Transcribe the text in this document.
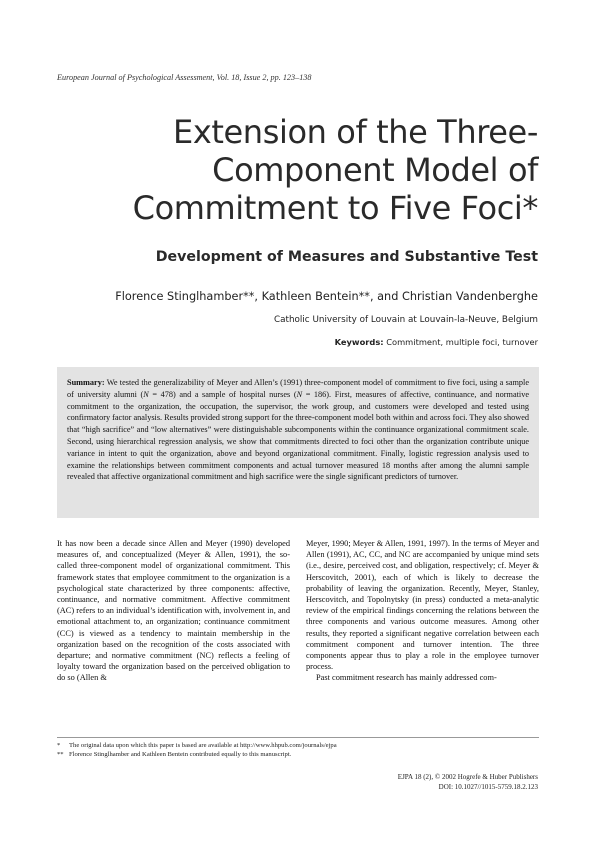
European Journal of Psychological Assessment, Vol. 18, Issue 2, pp. 123–138
Extension of the Three-
Component Model of
Commitment to Five Foci*
Development of Measures and Substantive Test
Florence Stinglhamber**, Kathleen Bentein**, and Christian Vandenberghe
Catholic University of Louvain at Louvain-la-Neuve, Belgium
Keywords: Commitment, multiple foci, turnover
Summary: We tested the generalizability of Meyer and Allen’s (1991) three-component model of commitment to five foci, using a sample of university alumni (N = 478) and a sample of hospital nurses (N = 186). First, measures of affective, continuance, and normative commitment to the organization, the occupation, the supervisor, the work group, and customers were developed and tested using confirmatory factor analysis. Results provided strong support for the three-component model both within and across foci. They also showed that “high sacrifice” and “low alternatives” were distinguishable subcomponents within the continuance organizational commitment scale. Second, using hierarchical regression analysis, we show that commitments directed to foci other than the organization contribute unique variance in intent to quit the organization, above and beyond organizational commitment. Finally, logistic regression analysis used to examine the relationships between commitment components and actual turnover measured 18 months after among the alumni sample revealed that affective organizational commitment and high sacrifice were the single significant predictors of turnover.

It has now been a decade since Allen and Meyer (1990) developed measures of, and conceptualized (Meyer & Allen, 1991), the so-called three-component model of organizational commitment. This framework states that employee commitment to the organization is a psychological state characterized by three components: affective, continuance, and normative commitment. Affective commitment (AC) refers to an individual’s identification with, involvement in, and emotional attachment to, an organization; continuance commitment (CC) is viewed as a tendency to maintain membership in the organization based on the recognition of the costs associated with departure; and normative commitment (NC) reflects a feeling of loyalty toward the organization based on the perceived obligation to do so (Allen &

Meyer, 1990; Meyer & Allen, 1991, 1997). In the terms of Meyer and Allen (1991), AC, CC, and NC are accompanied by unique mind sets (i.e., desire, perceived cost, and obligation, respectively; cf. Meyer & Herscovitch, 2001), each of which is likely to decrease the probability of leaving the organization. Recently, Meyer, Stanley, Herscovitch, and Topolnytsky (in press) conducted a meta-analytic review of the empirical findings concerning the relations between the three components and various outcome measures. Among other results, they reported a significant negative correlation between each commitment component and turnover intention. The three components appear thus to play a role in the employee turnover process.

Past commitment research has mainly addressed com-

*	The original data upon which this paper is based are available at http://www.hhpub.com/journals/ejpa
** Florence Stinglhamber and Kathleen Bentein contributed equally to this manuscript.
EJPA 18 (2), © 2002 Hogrefe & Huber Publishers
DOI: 10.1027//1015-5759.18.2.123
